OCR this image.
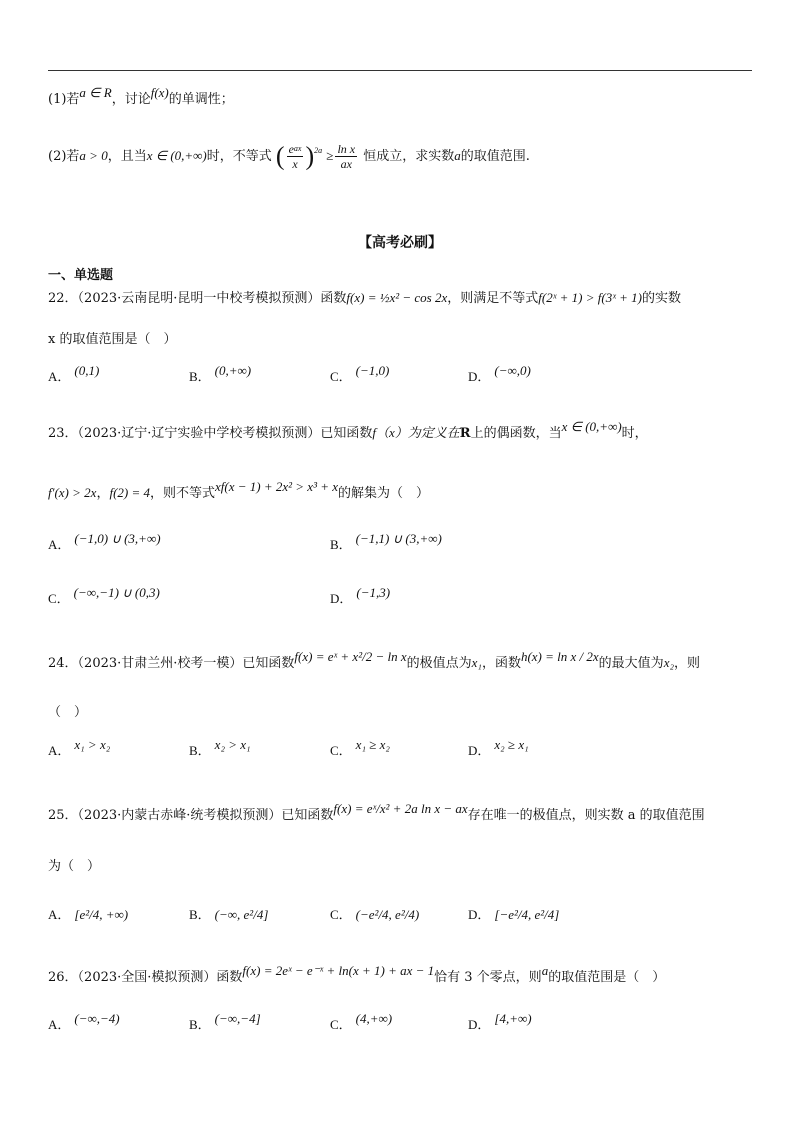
(1)若a ∈ R，讨论f(x)的单调性；
(2)若a > 0，且当x ∈ (0,+∞)时，不等式 ( $\frac{e^{ax}}{x} )^{2a} \ge \frac{\text{ln x}}{ax}$ 恒成立，求实数a的取值范围.
【高考必刷】
一、单选题
22．（2023·云南昆明·昆明一中校考模拟预测）函数f(x) = ½x² − cos 2x，则满足不等式f(2ˣ + 1) > f(3ˣ + 1)的实数
x 的取值范围是（　）
A． (0,1)	B． (0,+∞)	C． (−1,0)	D． (−∞,0)
23．（2023·辽宁·辽宁实验中学校考模拟预测）已知函数f（x）为定义在R上的偶函数，当x ∈ (0,+∞)时，
f′(x) > 2x，f(2) = 4，则不等式xf(x − 1) + 2x² > x³ + x的解集为（　）
A． (−1,0) ∪ (3,+∞)	B． (−1,1) ∪ (3,+∞)
C． (−∞,−1) ∪ (0,3)	D． (−1,3)
24．（2023·甘肃兰州·校考一模）已知函数f(x) = eˣ + x²/2 − ln x的极值点为x₁，函数h(x) = ln x / 2x的最大值为x₂，则
（　）
A． x₁ > x₂	B． x₂ > x₁	C． x₁ ≥ x₂	D． x₂ ≥ x₁
25．（2023·内蒙古赤峰·统考模拟预测）已知函数f(x) = eˣ/x² + 2a ln x − ax存在唯一的极值点，则实数 a 的取值范围
为（　）
A． [e²/4, +∞)	B． (−∞, e²/4]	C． (−e²/4, e²/4)	D． [−e²/4, e²/4]
26．（2023·全国·模拟预测）函数f(x) = 2eˣ − e⁻ˣ + ln(x + 1) + ax − 1恰有 3 个零点，则a的取值范围是（　）
A． (−∞,−4)	B． (−∞,−4]	C． (4,+∞)	D． [4,+∞)
